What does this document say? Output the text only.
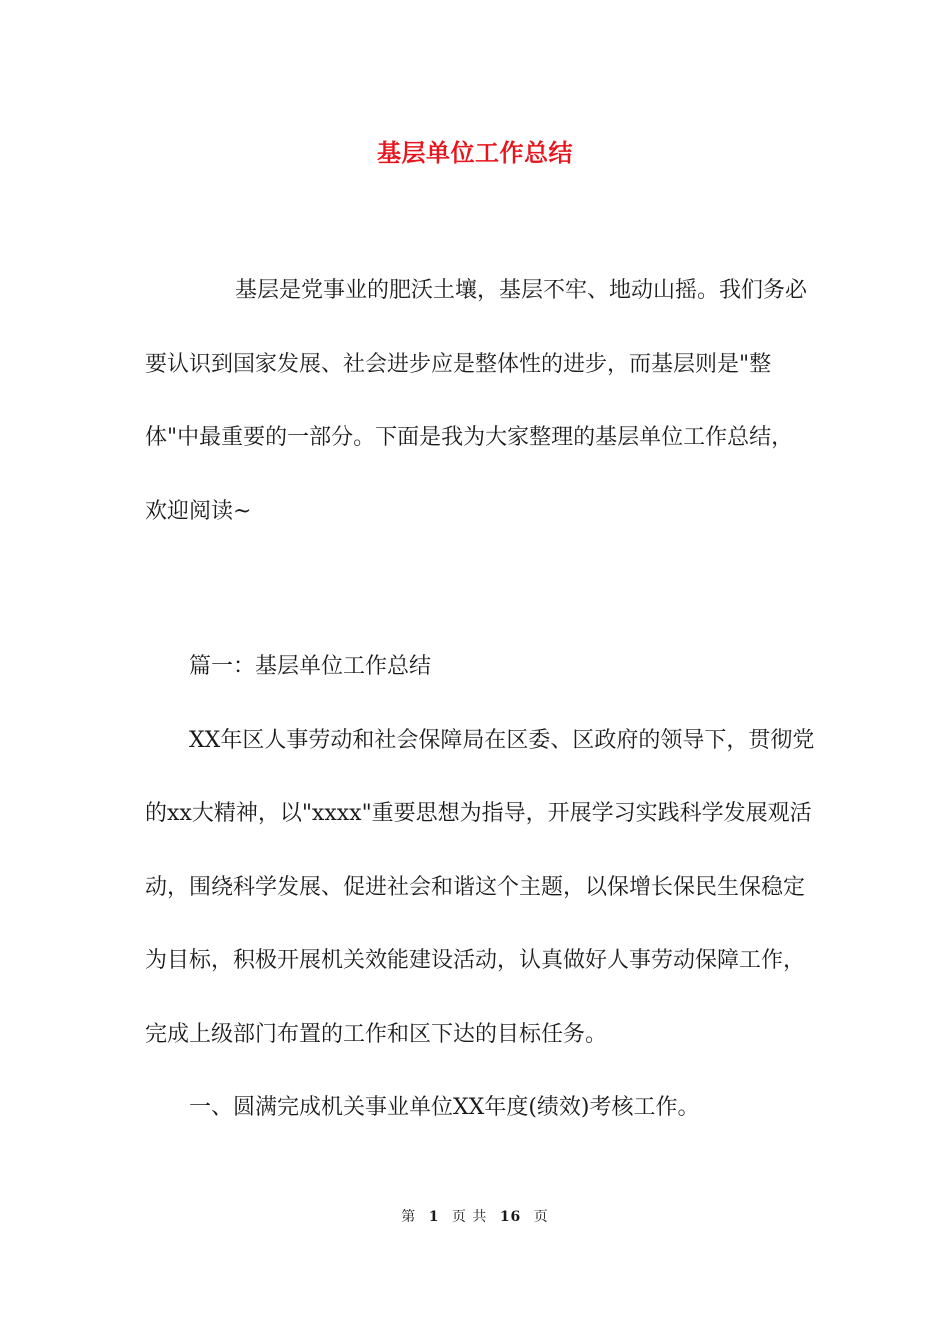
基层单位工作总结

基层是党事业的肥沃土壤，基层不牢、地动山摇。我们务必要认识到国家发展、社会进步应是整体性的进步，而基层则是"整体"中最重要的一部分。下面是我为大家整理的基层单位工作总结，欢迎阅读~

篇一：基层单位工作总结

XX年区人事劳动和社会保障局在区委、区政府的领导下，贯彻党的xx大精神，以"xxxx"重要思想为指导，开展学习实践科学发展观活动，围绕科学发展、促进社会和谐这个主题，以保增长保民生保稳定为目标，积极开展机关效能建设活动，认真做好人事劳动保障工作，完成上级部门布置的工作和区下达的目标任务。

一、圆满完成机关事业单位XX年度(绩效)考核工作。

第 1 页 共 16 页
